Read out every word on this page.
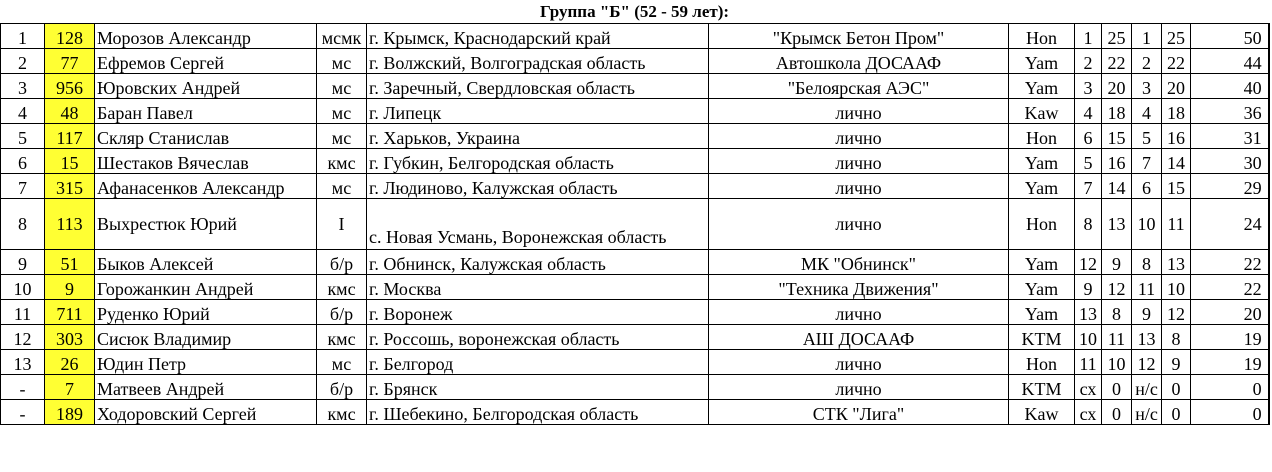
Группа "Б" (52 - 59 лет):											
1	128	Морозов Александр	мсмк	г. Крымск, Краснодарский край	"Крымск Бетон Пром"	Hon	1	25	1	25	50
2	77	Ефремов Сергей	мс	г. Волжский, Волгоградская область	Автошкола ДОСААФ	Yam	2	22	2	22	44
3	956	Юровских Андрей	мс	г. Заречный, Свердловская область	"Белоярская АЭС"	Yam	3	20	3	20	40
4	48	Баран Павел	мс	г. Липецк	лично	Kaw	4	18	4	18	36
5	117	Скляр Станислав	мс	г. Харьков, Украина	лично	Hon	6	15	5	16	31
6	15	Шестаков Вячеслав	кмс	г. Губкин, Белгородская область	лично	Yam	5	16	7	14	30
7	315	Афанасенков Александр	мс	г. Людиново, Калужская область	лично	Yam	7	14	6	15	29
8	113	Выхрестюк Юрий	I	с. Новая Усмань, Воронежская область	лично	Hon	8	13	10	11	24
9	51	Быков Алексей	б/р	г. Обнинск, Калужская область	МК "Обнинск"	Yam	12	9	8	13	22
10	9	Горожанкин Андрей	кмс	г. Москва	"Техника Движения"	Yam	9	12	11	10	22
11	711	Руденко Юрий	б/р	г. Воронеж	лично	Yam	13	8	9	12	20
12	303	Сисюк Владимир	кмс	г. Россошь, воронежская область	АШ ДОСААФ	KTM	10	11	13	8	19
13	26	Юдин Петр	мс	г. Белгород	лично	Hon	11	10	12	9	19
-	7	Матвеев Андрей	б/р	г. Брянск	лично	KTM	сх	0	н/с	0	0
-	189	Ходоровский Сергей	кмс	г. Шебекино, Белгородская область	СТК "Лига"	Kaw	сх	0	н/с	0	0
